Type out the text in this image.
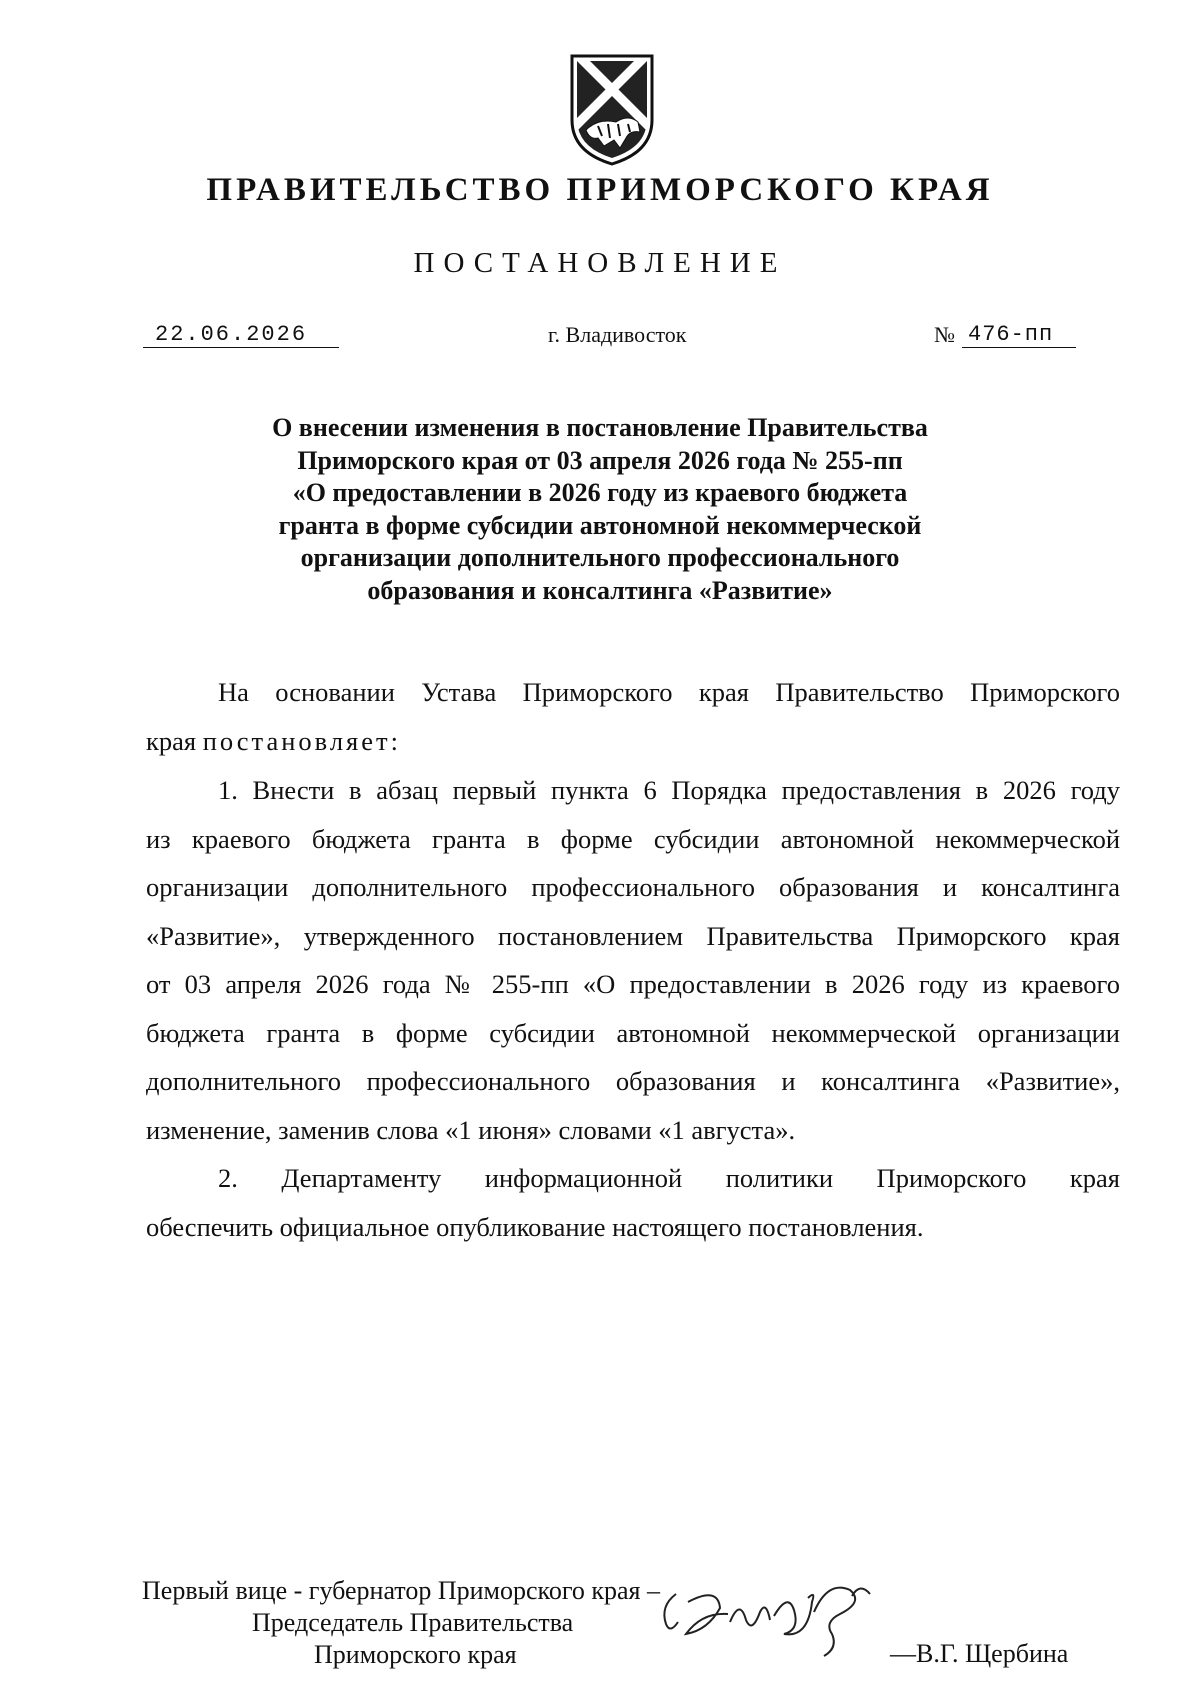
ПРАВИТЕЛЬСТВО ПРИМОРСКОГО КРАЯ
ПОСТАНОВЛЕНИЕ
22.06.2026	г. Владивосток	№ 476-пп
О внесении изменения в постановление Правительства
Приморского края от 03 апреля 2026 года № 255-пп
«О предоставлении в 2026 году из краевого бюджета
гранта в форме субсидии автономной некоммерческой
организации дополнительного профессионального
образования и консалтинга «Развитие»
На основании Устава Приморского края Правительство Приморского
края постановляет:
1. Внести в абзац первый пункта 6 Порядка предоставления в 2026 году
из краевого бюджета гранта в форме субсидии автономной некоммерческой
организации дополнительного профессионального образования и консалтинга
«Развитие», утвержденного постановлением Правительства Приморского края
от 03 апреля 2026 года № 255-пп «О предоставлении в 2026 году из краевого
бюджета гранта в форме субсидии автономной некоммерческой организации
дополнительного профессионального образования и консалтинга «Развитие»,
изменение, заменив слова «1 июня» словами «1 августа».
2. Департаменту информационной политики Приморского края
обеспечить официальное опубликование настоящего постановления.
Первый вице - губернатор Приморского края –
Председатель Правительства
Приморского края	—В.Г. Щербина
